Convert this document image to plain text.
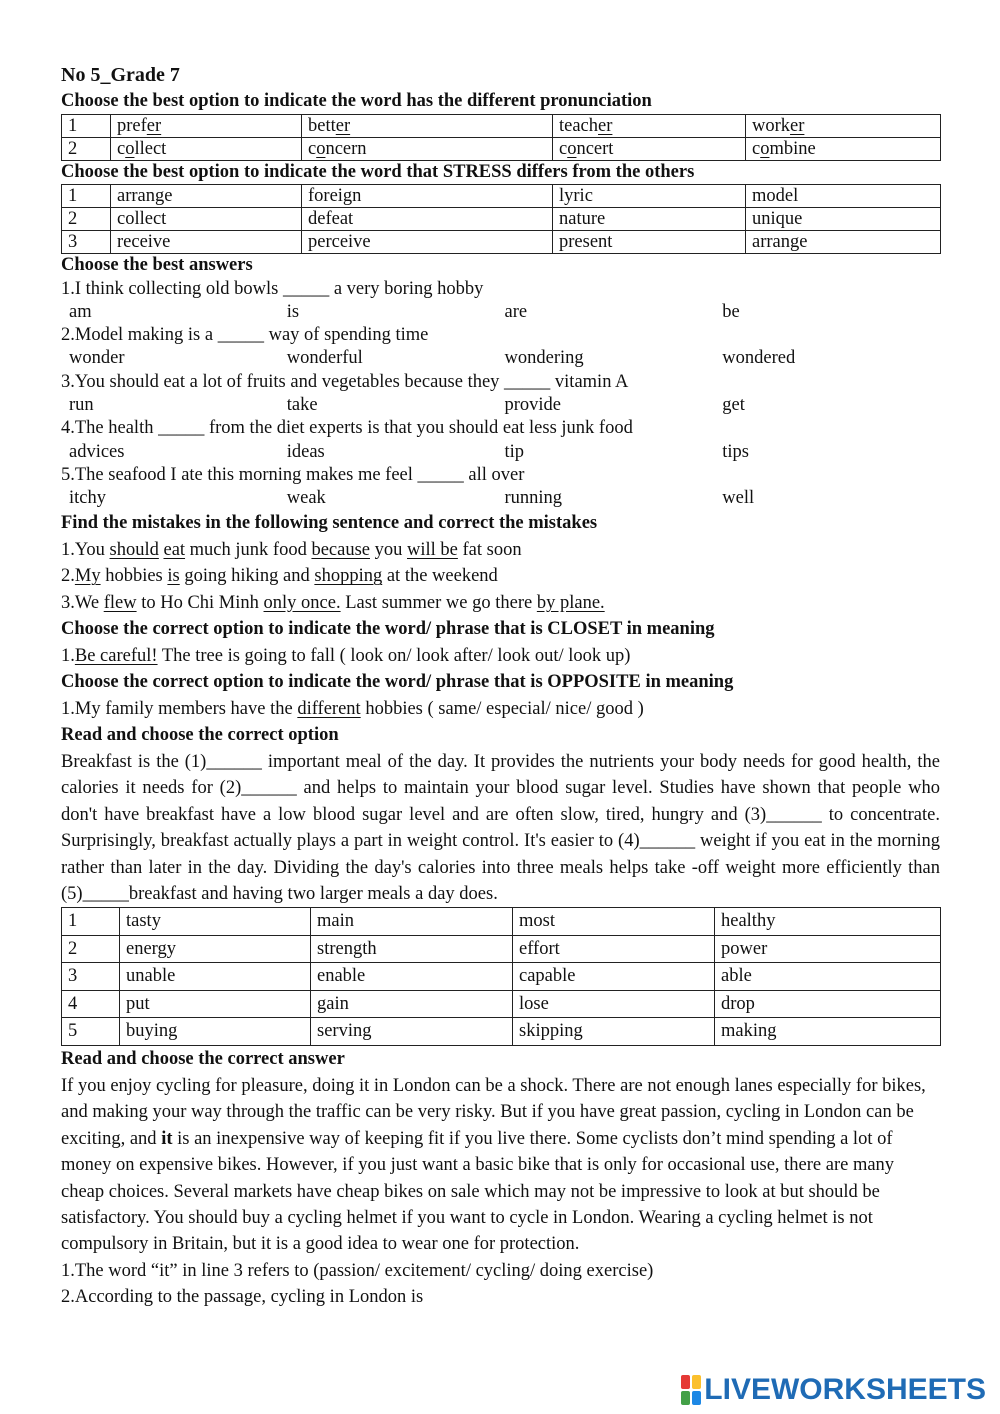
No 5_Grade 7
Choose the best option to indicate the word has the different pronunciation
1	prefer	better	teacher	worker
2	collect	concern	concert	combine
Choose the best option to indicate the word that STRESS differs from the others
1	arrange	foreign	lyric	model
2	collect	defeat	nature	unique
3	receive	perceive	present	arrange
Choose the best answers
1.I think collecting old bowls _____ a very boring hobby
am	is	are	be
2.Model making is a _____ way of spending time
wonder	wonderful	wondering	wondered
3.You should eat a lot of fruits and vegetables because they _____ vitamin A
run	take	provide	get
4.The health _____ from the diet experts is that you should eat less junk food
advices	ideas	tip	tips
5.The seafood I ate this morning makes me feel _____ all over
itchy	weak	running	well
Find the mistakes in the following sentence and correct the mistakes
1.You should eat much junk food because you will be fat soon
2.My hobbies is going hiking and shopping at the weekend
3.We flew to Ho Chi Minh only once. Last summer we go there by plane.
Choose the correct option to indicate the word/ phrase that is CLOSET in meaning
1.Be careful! The tree is going to fall ( look on/ look after/ look out/ look up)
Choose the correct option to indicate the word/ phrase that is OPPOSITE in meaning
1.My family members have the different hobbies ( same/ especial/ nice/ good )
Read and choose the correct option
Breakfast is the (1)______ important meal of the day. It provides the nutrients your body needs for good health, the calories it needs for (2)______ and helps to maintain your blood sugar level. Studies have shown that people who don't have breakfast have a low blood sugar level and are often slow, tired, hungry and (3)______ to concentrate. Surprisingly, breakfast actually plays a part in weight control. It's easier to (4)______ weight if you eat in the morning rather than later in the day. Dividing the day's calories into three meals helps take -off weight more efficiently than (5)_____breakfast and having two larger meals a day does.
1	tasty	main	most	healthy
2	energy	strength	effort	power
3	unable	enable	capable	able
4	put	gain	lose	drop
5	buying	serving	skipping	making
Read and choose the correct answer
If you enjoy cycling for pleasure, doing it in London can be a shock. There are not enough lanes especially for bikes, and making your way through the traffic can be very risky. But if you have great passion, cycling in London can be exciting, and it is an inexpensive way of keeping fit if you live there. Some cyclists don’t mind spending a lot of money on expensive bikes. However, if you just want a basic bike that is only for occasional use, there are many cheap choices. Several markets have cheap bikes on sale which may not be impressive to look at but should be satisfactory. You should buy a cycling helmet if you want to cycle in London. Wearing a cycling helmet is not compulsory in Britain, but it is a good idea to wear one for protection.
1.The word “it” in line 3 refers to (passion/ excitement/ cycling/ doing exercise)
2.According to the passage, cycling in London is
LIVEWORKSHEETS
